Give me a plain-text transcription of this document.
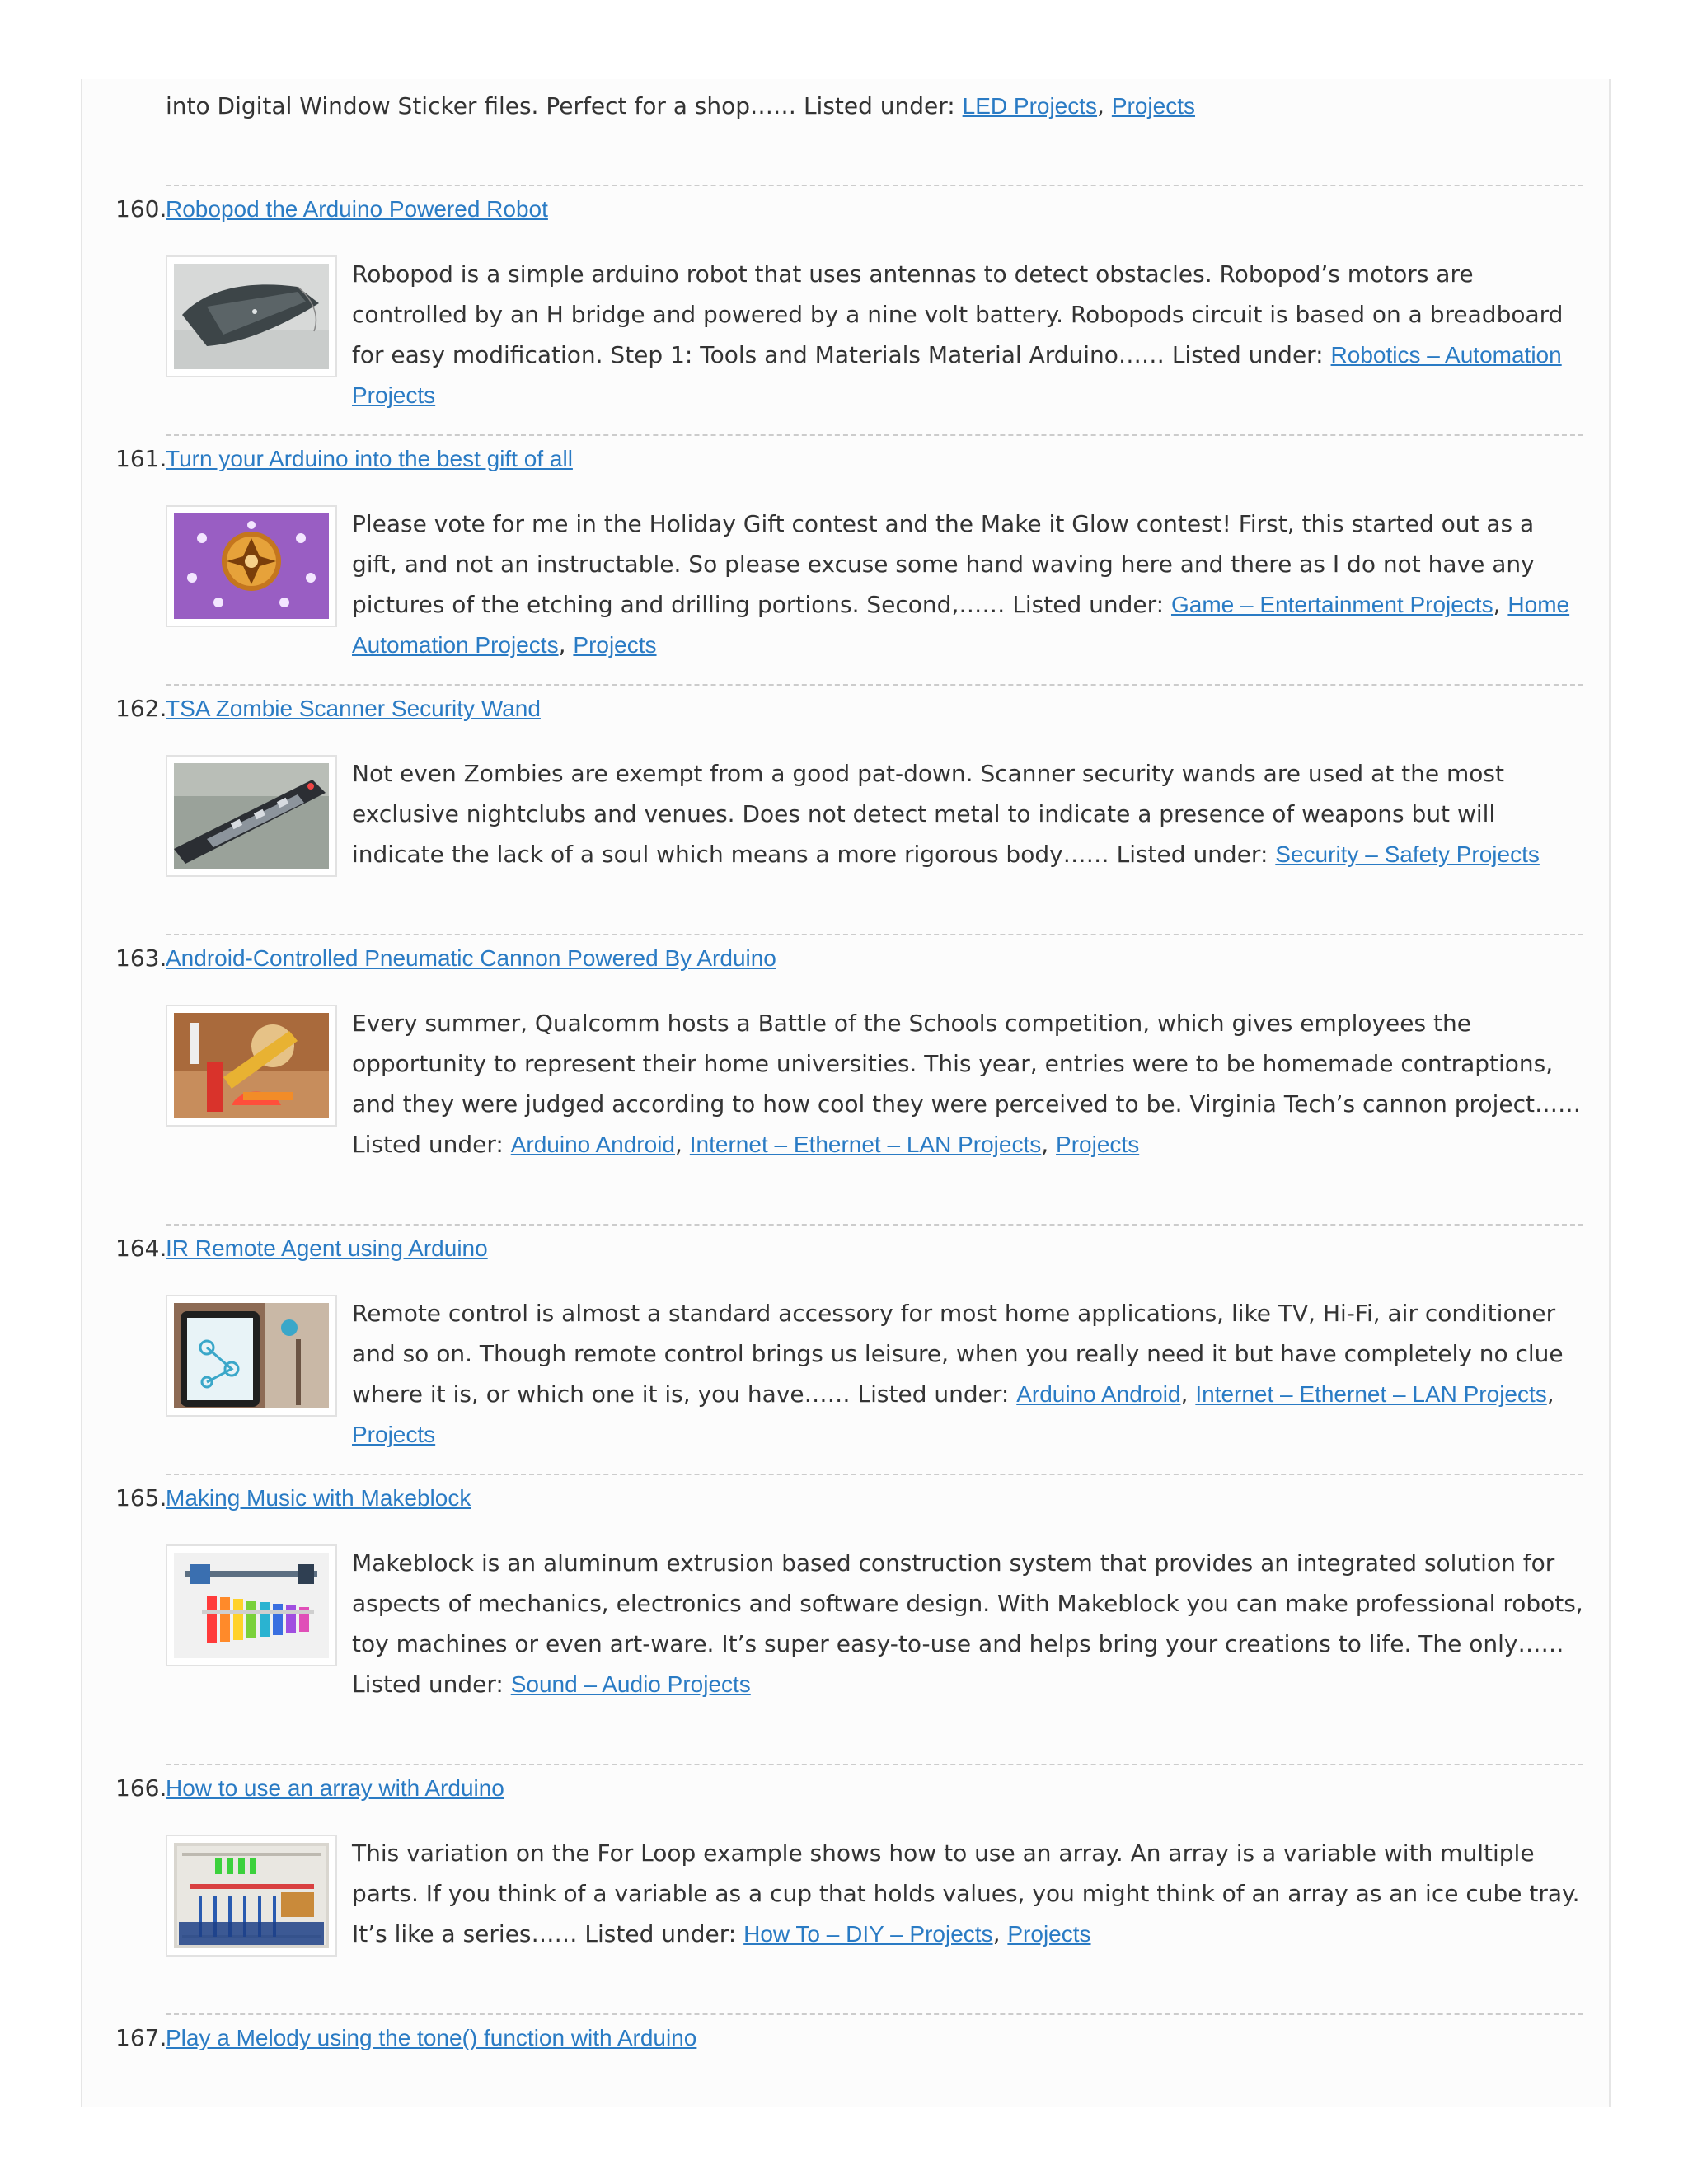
into Digital Window Sticker files. Perfect for a shop…… Listed under: LED Projects, Projects
160.
Robopod the Arduino Powered Robot
Robopod is a simple arduino robot that uses antennas to detect obstacles. Robopod’s motors are controlled by an H bridge and powered by a nine volt battery. Robopods circuit is based on a breadboard for easy modification. Step 1: Tools and Materials Material Arduino…… Listed under: Robotics – Automation Projects
161.
Turn your Arduino into the best gift of all
Please vote for me in the Holiday Gift contest and the Make it Glow contest! First, this started out as a gift, and not an instructable. So please excuse some hand waving here and there as I do not have any pictures of the etching and drilling portions. Second,…… Listed under: Game – Entertainment Projects, Home Automation Projects, Projects
162.
TSA Zombie Scanner Security Wand
Not even Zombies are exempt from a good pat-down. Scanner security wands are used at the most exclusive nightclubs and venues. Does not detect metal to indicate a presence of weapons but will indicate the lack of a soul which means a more rigorous body…… Listed under: Security – Safety Projects
163.
Android-Controlled Pneumatic Cannon Powered By Arduino
Every summer, Qualcomm hosts a Battle of the Schools competition, which gives employees the opportunity to represent their home universities. This year, entries were to be homemade contraptions, and they were judged according to how cool they were perceived to be. Virginia Tech’s cannon project…… Listed under: Arduino Android, Internet – Ethernet – LAN Projects, Projects
164.
IR Remote Agent using Arduino
Remote control is almost a standard accessory for most home applications, like TV, Hi-Fi, air conditioner and so on. Though remote control brings us leisure, when you really need it but have completely no clue where it is, or which one it is, you have…… Listed under: Arduino Android, Internet – Ethernet – LAN Projects, Projects
165.
Making Music with Makeblock
Makeblock is an aluminum extrusion based construction system that provides an integrated solution for aspects of mechanics, electronics and software design. With Makeblock you can make professional robots, toy machines or even art-ware. It’s super easy-to-use and helps bring your creations to life. The only…… Listed under: Sound – Audio Projects
166.
How to use an array with Arduino
This variation on the For Loop example shows how to use an array. An array is a variable with multiple parts. If you think of a variable as a cup that holds values, you might think of an array as an ice cube tray. It’s like a series…… Listed under: How To – DIY – Projects, Projects
167.
Play a Melody using the tone() function with Arduino
